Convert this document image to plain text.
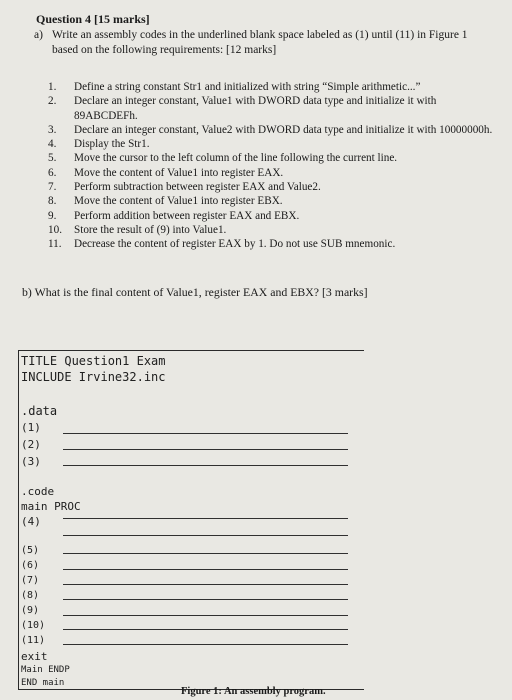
Question 4 [15 marks]
a) Write an assembly codes in the underlined blank space labeled as (1) until (11) in Figure 1 based on the following requirements: [12 marks]
1. Define a string constant Str1 and initialized with string “Simple arithmetic...”
2. Declare an integer constant, Value1 with DWORD data type and initialize it with 89ABCDEFh.
3. Declare an integer constant, Value2 with DWORD data type and initialize it with 10000000h.
4. Display the Str1.
5. Move the cursor to the left column of the line following the current line.
6. Move the content of Value1 into register EAX.
7. Perform subtraction between register EAX and Value2.
8. Move the content of Value1 into register EBX.
9. Perform addition between register EAX and EBX.
10. Store the result of (9) into Value1.
11. Decrease the content of register EAX by 1. Do not use SUB mnemonic.
b) What is the final content of Value1, register EAX and EBX? [3 marks]
TITLE Question1 Exam
INCLUDE Irvine32.inc
.data
(1)
(2)
(3)
.code
main PROC
(4)
(5)
(6)
(7)
(8)
(9)
(10)
(11)
exit
Main ENDP
END main
Figure 1: An assembly program.
